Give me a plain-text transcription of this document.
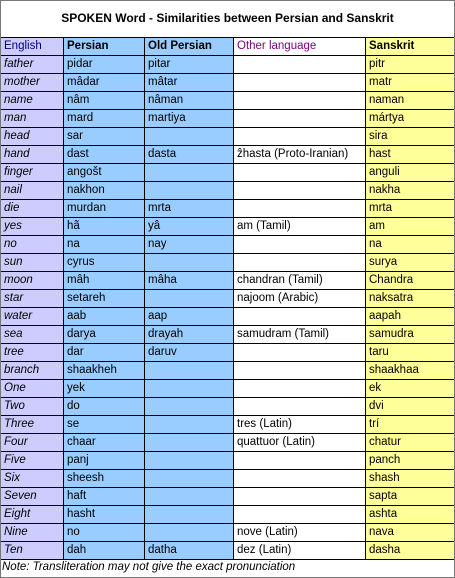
SPOKEN Word - Similarities between Persian and Sanskrit
English	Persian	Old Persian	Other language	Sanskrit
father	pidar	pitar		pitr
mother	mâdar	mâtar		matr
name	nâm	nâman		naman
man	mard	martiya		mártya
head	sar			sira
hand	dast	dasta	ẑhasta (Proto-Iranian)	hast
finger	angošt			anguli
nail	nakhon			nakha
die	murdan	mrta		mrta
yes	hã	yâ	am (Tamil)	am
no	na	nay		na
sun	cyrus			surya
moon	mâh	mâha	chandran (Tamil)	Chandra
star	setareh		najoom (Arabic)	naksatra
water	aab	aap		aapah
sea	darya	drayah	samudram (Tamil)	samudra
tree	dar	daruv		taru
branch	shaakheh			shaakhaa
One	yek			ek
Two	do			dvi
Three	se		tres (Latin)	trí
Four	chaar		quattuor (Latin)	chatur
Five	panj			panch
Six	sheesh			shash
Seven	haft			sapta
Eight	hasht			ashta
Nine	no		nove (Latin)	nava
Ten	dah	datha	dez (Latin)	dasha
Note: Transliteration may not give the exact pronunciation
